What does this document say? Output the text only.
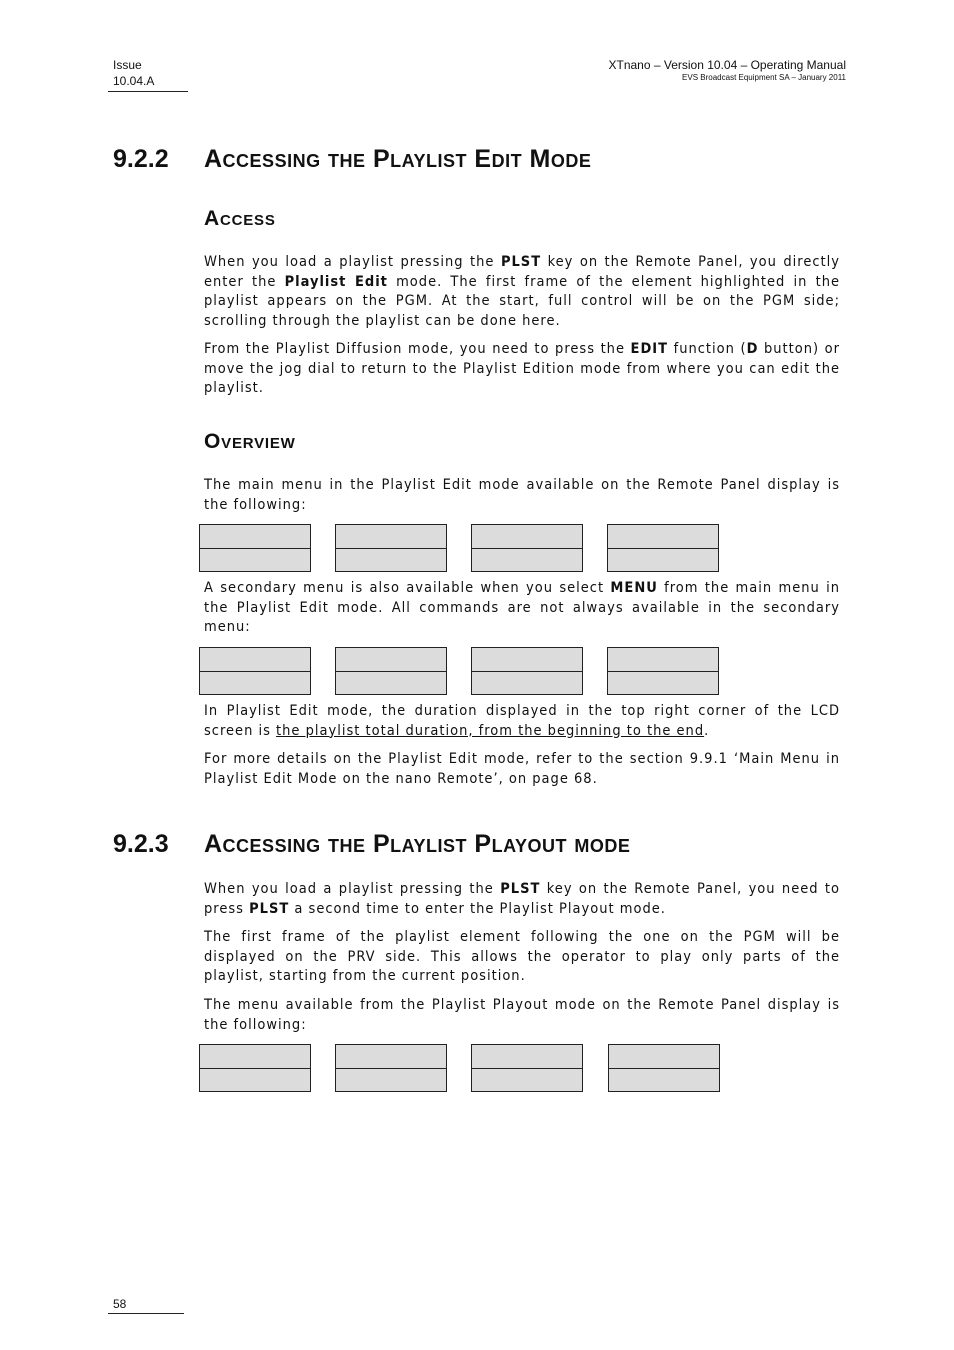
Issue
10.04.A
XTnano – Version 10.04 – Operating Manual
EVS Broadcast Equipment SA – January 2011
9.2.2 Accessing the Playlist Edit Mode
Access

When you load a playlist pressing the PLST key on the Remote Panel, you directly enter the Playlist Edit mode. The first frame of the element highlighted in the playlist appears on the PGM. At the start, full control will be on the PGM side; scrolling through the playlist can be done here.

From the Playlist Diffusion mode, you need to press the EDIT function (D button) or move the jog dial to return to the Playlist Edition mode from where you can edit the playlist.

Overview

The main menu in the Playlist Edit mode available on the Remote Panel display is the following:

A secondary menu is also available when you select MENU from the main menu in the Playlist Edit mode. All commands are not always available in the secondary menu:

In Playlist Edit mode, the duration displayed in the top right corner of the LCD screen is the playlist total duration, from the beginning to the end.

For more details on the Playlist Edit mode, refer to the section 9.9.1 ‘Main Menu in Playlist Edit Mode on the nano Remote’, on page 68.

9.2.3 Accessing the Playlist Playout mode

When you load a playlist pressing the PLST key on the Remote Panel, you need to press PLST a second time to enter the Playlist Playout mode.

The first frame of the playlist element following the one on the PGM will be displayed on the PRV side. This allows the operator to play only parts of the playlist, starting from the current position.

The menu available from the Playlist Playout mode on the Remote Panel display is the following:

58
